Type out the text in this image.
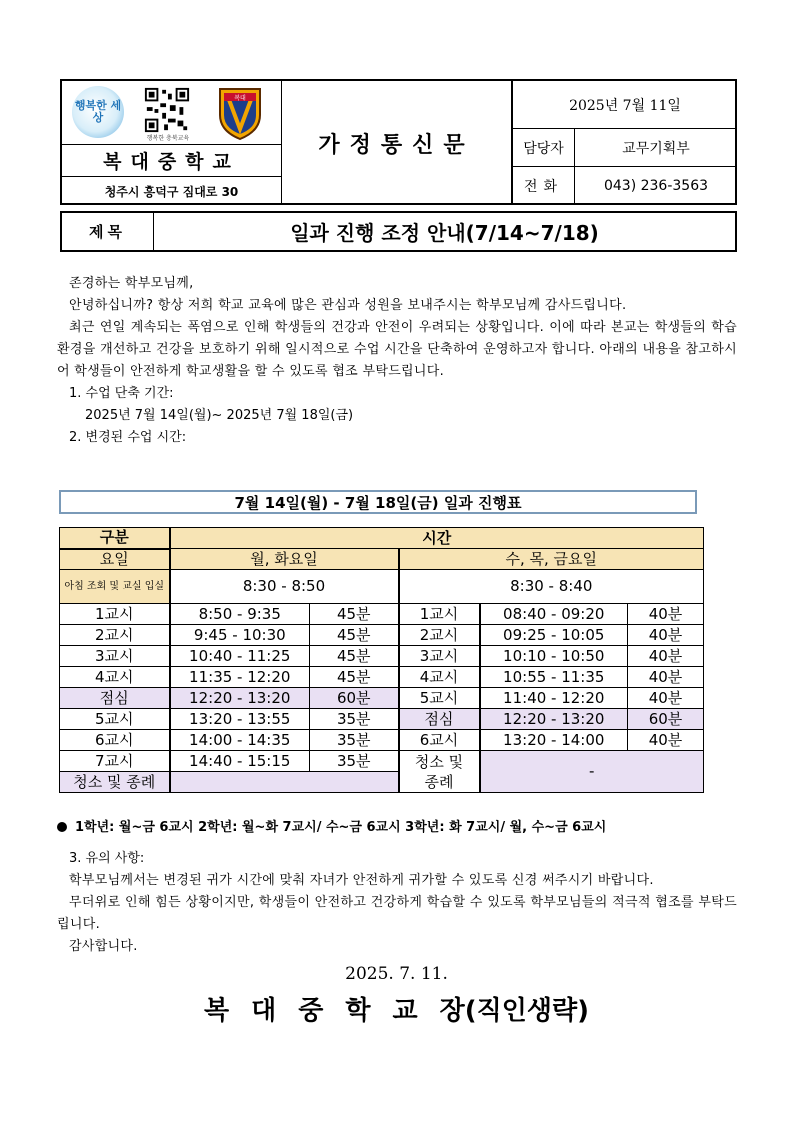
행복한 세상
행복한 충북교육
복대
복대중학교
청주시 흥덕구 짐대로 30
가정통신문
2025년 7월 11일
담당자	교무기획부
전화	043) 236-3563
제목	일과 진행 조정 안내(7/14~7/18)
존경하는 학부모님께,
안녕하십니까? 항상 저희 학교 교육에 많은 관심과 성원을 보내주시는 학부모님께 감사드립니다.
최근 연일 계속되는 폭염으로 인해 학생들의 건강과 안전이 우려되는 상황입니다. 이에 따라 본교는 학생들의 학습 환경을 개선하고 건강을 보호하기 위해 일시적으로 수업 시간을 단축하여 운영하고자 합니다. 아래의 내용을 참고하시어 학생들이 안전하게 학교생활을 할 수 있도록 협조 부탁드립니다.
1. 수업 단축 기간:
2025년 7월 14일(월)~ 2025년 7월 18일(금)
2. 변경된 수업 시간:
7월 14일(월) - 7월 18일(금) 일과 진행표
구분	시간				
요일	월, 화요일		수, 목, 금요일		
아침 조회 및 교실 입실	8:30 - 8:50		8:30 - 8:40		
1교시	8:50 - 9:35	45분	1교시	08:40 - 09:20	40분
2교시	9:45 - 10:30	45분	2교시	09:25 - 10:05	40분
3교시	10:40 - 11:25	45분	3교시	10:10 - 10:50	40분
4교시	11:35 - 12:20	45분	4교시	10:55 - 11:35	40분
점심	12:20 - 13:20	60분	5교시	11:40 - 12:20	40분
5교시	13:20 - 13:55	35분	점심	12:20 - 13:20	60분
6교시	14:00 - 14:35	35분	6교시	13:20 - 14:00	40분
7교시	14:40 - 15:15	35분	청소 및 종례	-	
청소 및 종례					
1학년: 월~금 6교시 2학년: 월~화 7교시/ 수~금 6교시 3학년: 화 7교시/ 월, 수~금 6교시
3. 유의 사항:
학부모님께서는 변경된 귀가 시간에 맞춰 자녀가 안전하게 귀가할 수 있도록 신경 써주시기 바랍니다.
무더위로 인해 힘든 상황이지만, 학생들이 안전하고 건강하게 학습할 수 있도록 학부모님들의 적극적 협조를 부탁드립니다.
감사합니다.
2025. 7. 11.
복대중학교장(직인생략)
